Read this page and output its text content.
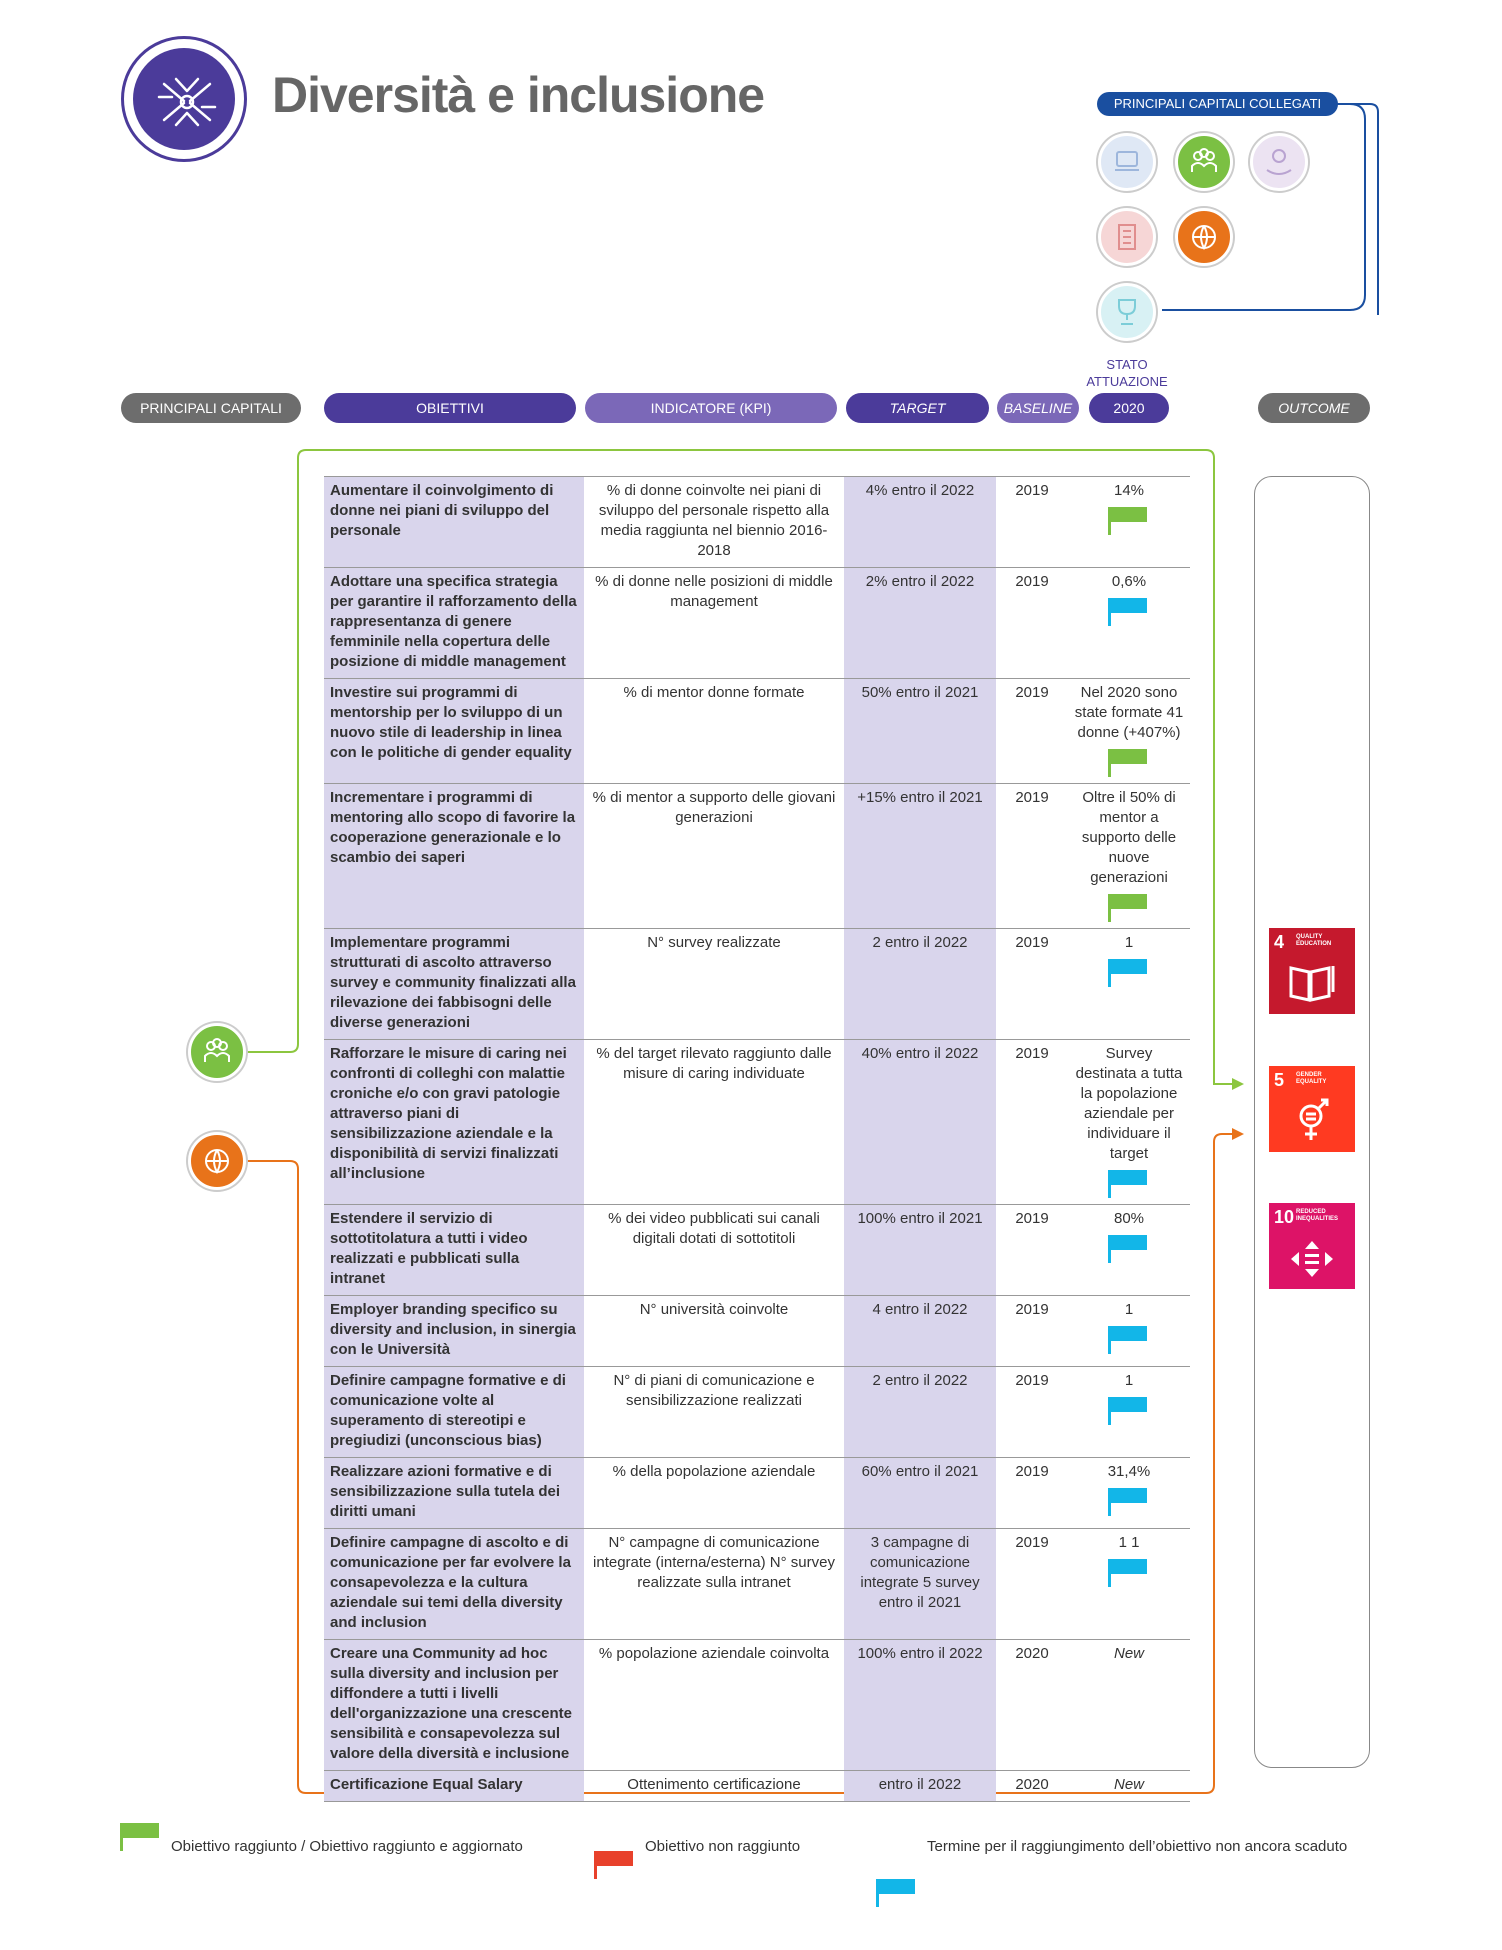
Diversità e inclusione	PRINCIPALI CAPITALI COLLEGATI
STATO ATTUAZIONE
PRINCIPALI CAPITALI	OBIETTIVI	INDICATORE (KPI)	TARGET	BASELINE	2020	OUTCOME
Aumentare il coinvolgimento di donne nei piani di sviluppo del personale	% di donne coinvolte nei piani di sviluppo del personale rispetto alla media raggiunta nel biennio 2016-2018	4% entro il 2022	2019	14%

Adottare una specifica strategia per garantire il rafforzamento della rappresentanza di genere femminile nella copertura delle posizione di middle management	% di donne nelle posizioni di middle management	2% entro il 2022	2019	0,6%

Investire sui programmi di mentorship per lo sviluppo di un nuovo stile di leadership in linea con le politiche di gender equality	% di mentor donne formate	50% entro il 2021	2019	Nel 2020 sono state formate 41 donne (+407%)

Incrementare i programmi di mentoring allo scopo di favorire la cooperazione generazionale e lo scambio dei saperi	% di mentor a supporto delle giovani generazioni	+15% entro il 2021	2019	Oltre il 50% di mentor a supporto delle nuove generazioni

Implementare programmi strutturati di ascolto attraverso survey e community finalizzati alla rilevazione dei fabbisogni delle diverse generazioni	N° survey realizzate	2 entro il 2022	2019	1

Rafforzare le misure di caring nei confronti di colleghi con malattie croniche e/o con gravi patologie attraverso piani di sensibilizzazione aziendale e la disponibilità di servizi finalizzati all’inclusione	% del target rilevato raggiunto dalle misure di caring individuate	40% entro il 2022	2019	Survey destinata a tutta la popolazione aziendale per individuare il target

Estendere il servizio di sottotitolatura a tutti i video realizzati e pubblicati sulla intranet	% dei video pubblicati sui canali digitali dotati di sottotitoli	100% entro il 2021	2019	80%

Employer branding specifico su diversity and inclusion, in sinergia con le Università	N° università coinvolte	4 entro il 2022	2019	1

Definire campagne formative e di comunicazione volte al superamento di stereotipi e pregiudizi (unconscious bias)	N° di piani di comunicazione e sensibilizzazione realizzati	2 entro il 2022	2019	1

Realizzare azioni formative e di sensibilizzazione sulla tutela dei diritti umani	% della popolazione aziendale	60% entro il 2021	2019	31,4%

Definire campagne di ascolto e di comunicazione per far evolvere la consapevolezza e la cultura aziendale sui temi della diversity and inclusion	N° campagne di comunicazione integrate (interna/esterna) N° survey realizzate sulla intranet	3 campagne di comunicazione integrate 5 survey entro il 2021	2019	1 1

Creare una Community ad hoc sulla diversity and inclusion per diffondere a tutti i livelli dell'organizzazione una crescente sensibilità e consapevolezza sul valore della diversità e inclusione	% popolazione aziendale coinvolta	100% entro il 2022	2020	New
Certificazione Equal Salary	Ottenimento certificazione	entro il 2022	2020	New
4 QUALITY EDUCATION
5 GENDER EQUALITY
10 REDUCED INEQUALITIES
Obiettivo raggiunto / Obiettivo raggiunto e aggiornato	Obiettivo non raggiunto	Termine per il raggiungimento dell’obiettivo non ancora scaduto
